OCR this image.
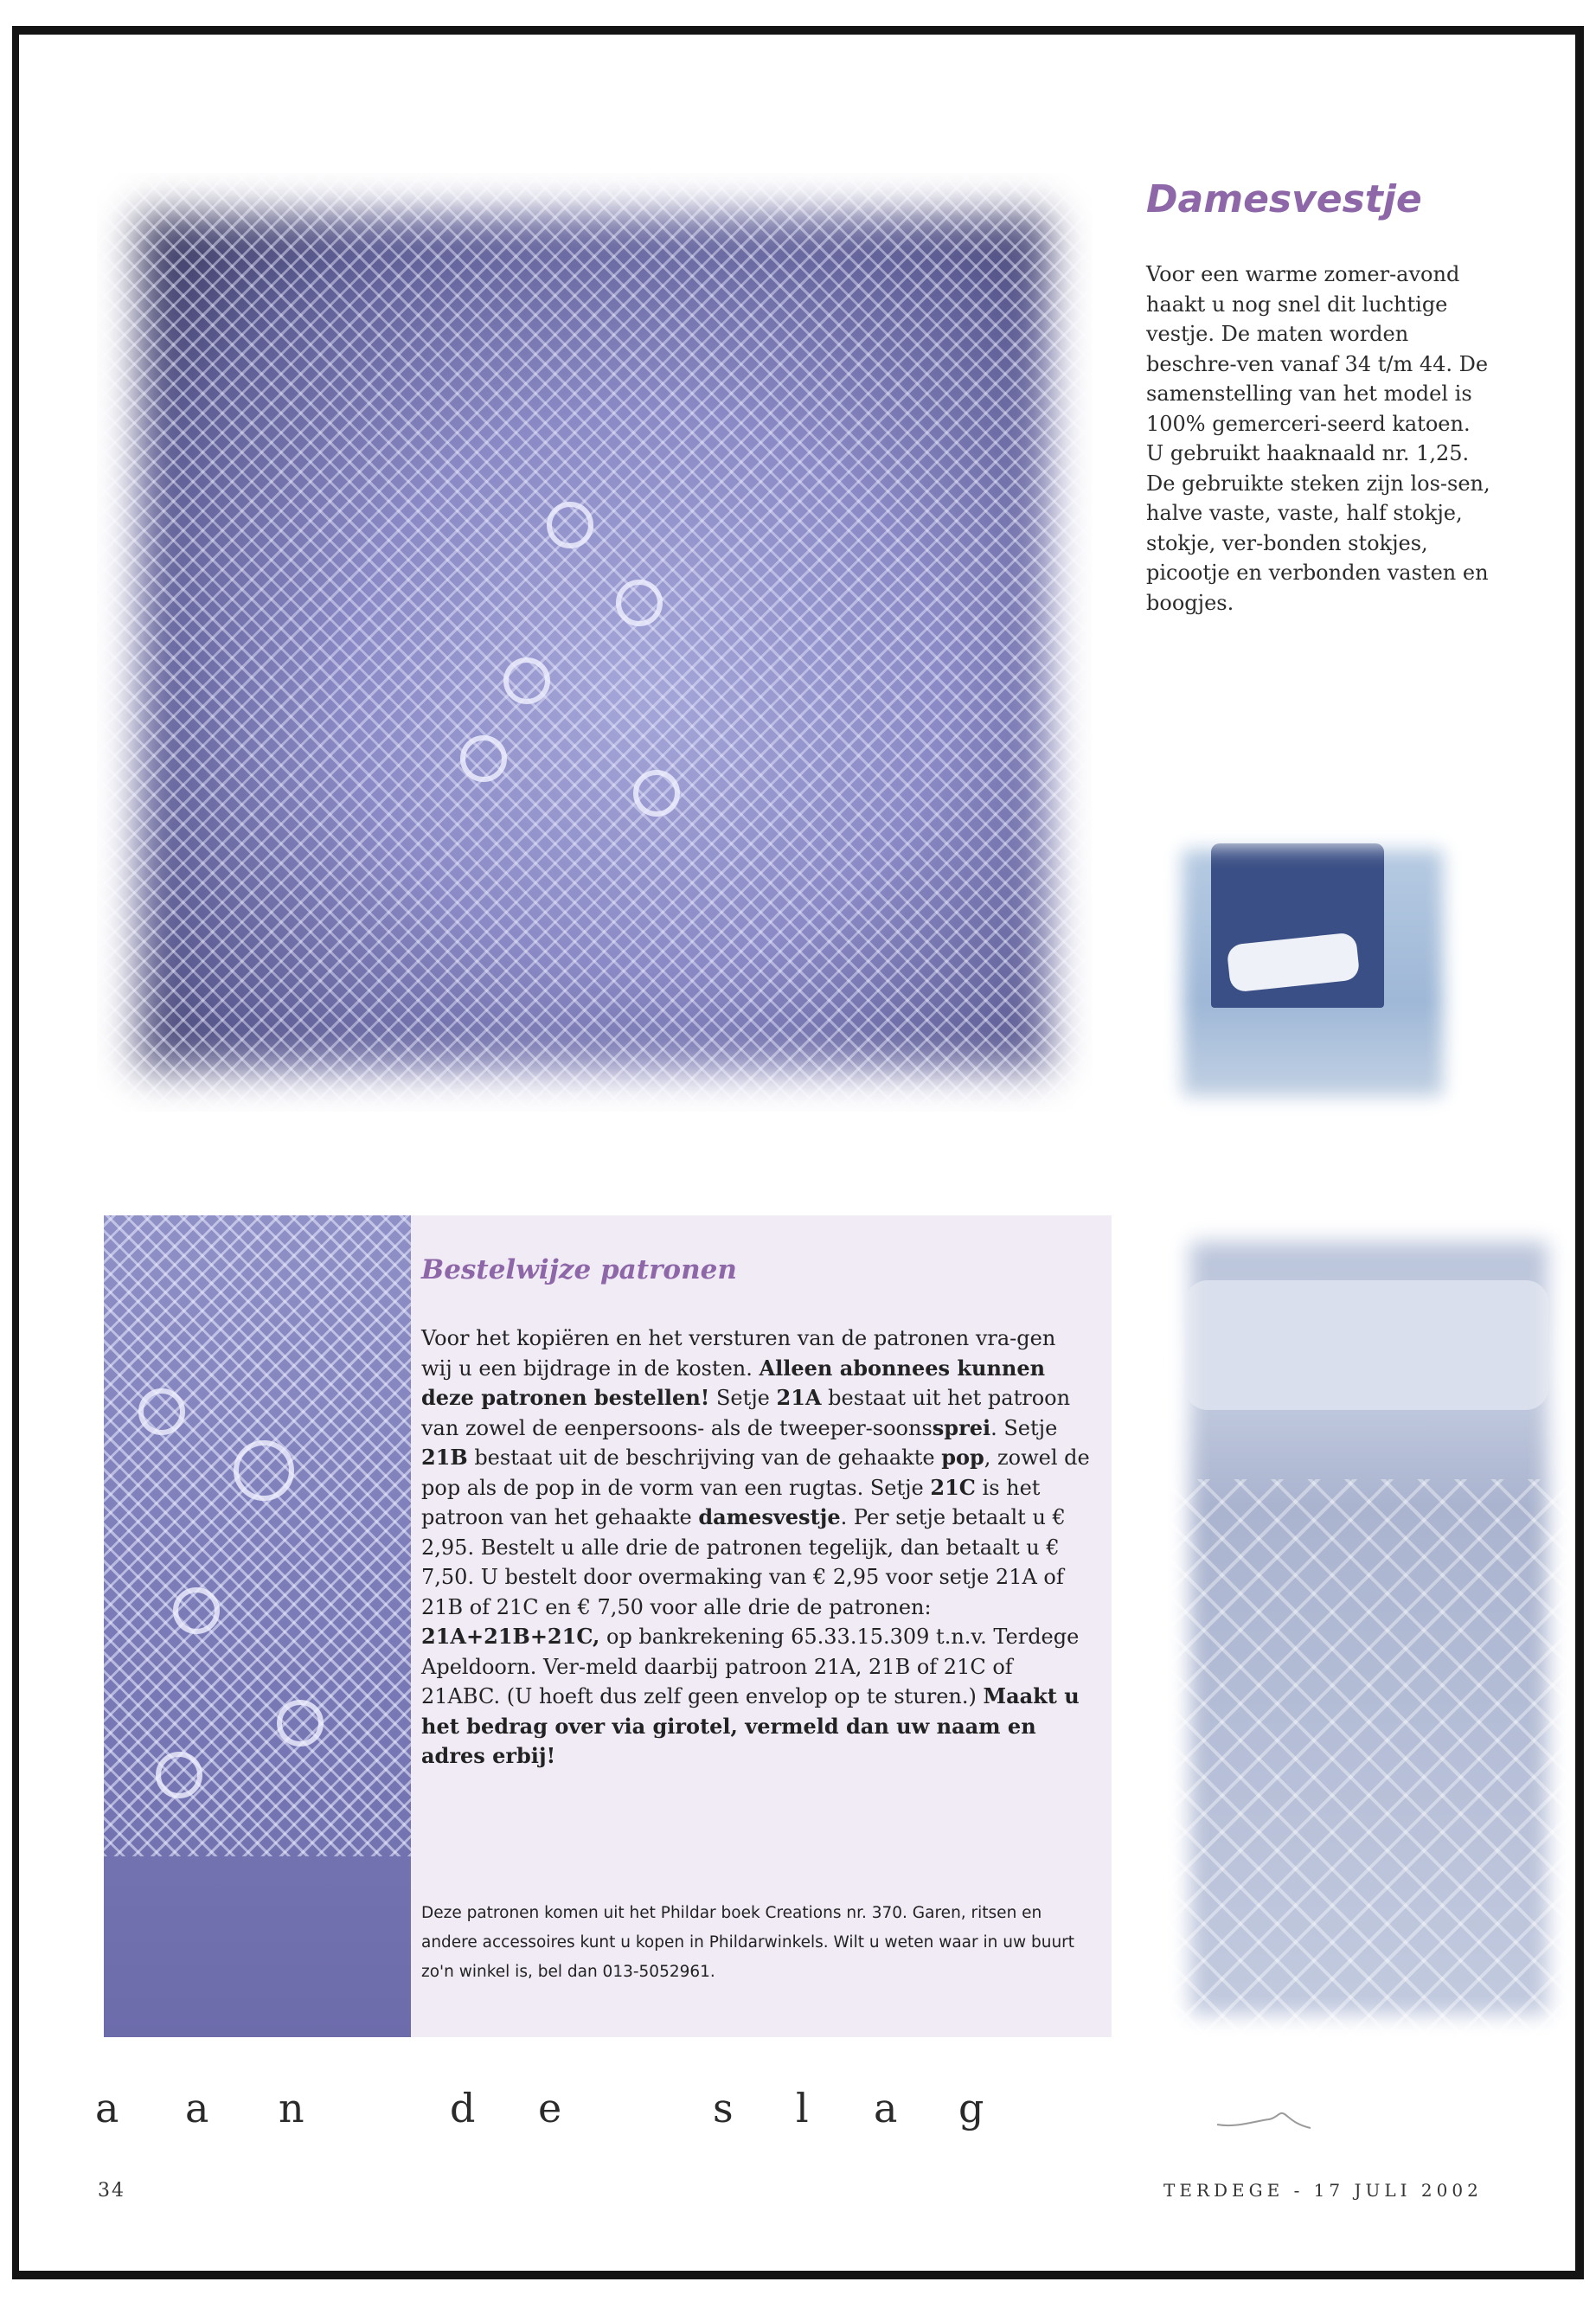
Damesvestje
Voor een warme zomer-avond haakt u nog snel dit luchtige vestje. De maten worden beschre-ven vanaf 34 t/m 44. De samenstelling van het model is 100% gemerceri-seerd katoen. U gebruikt haaknaald nr. 1,25. De gebruikte steken zijn los-sen, halve vaste, vaste, half stokje, stokje, ver-bonden stokjes, picootje en verbonden vasten en boogjes.
Bestelwijze patronen
Voor het kopiëren en het versturen van de patronen vra-gen wij u een bijdrage in de kosten. Alleen abonnees kunnen deze patronen bestellen! Setje 21A bestaat uit het patroon van zowel de eenpersoons- als de tweeper-soonssprei. Setje 21B bestaat uit de beschrijving van de gehaakte pop, zowel de pop als de pop in de vorm van een rugtas. Setje 21C is het patroon van het gehaakte damesvestje. Per setje betaalt u € 2,95. Bestelt u alle drie de patronen tegelijk, dan betaalt u € 7,50. U bestelt door overmaking van € 2,95 voor setje 21A of 21B of 21C en € 7,50 voor alle drie de patronen: 21A+21B+21C, op bankrekening 65.33.15.309 t.n.v. Terdege Apeldoorn. Ver-meld daarbij patroon 21A, 21B of 21C of 21ABC. (U hoeft dus zelf geen envelop op te sturen.) Maakt u het bedrag over via girotel, vermeld dan uw naam en adres erbij!
Deze patronen komen uit het Phildar boek Creations nr. 370. Garen, ritsen en andere accessoires kunt u kopen in Phildarwinkels. Wilt u weten waar in uw buurt zo'n winkel is, bel dan 013-5052961.
a a n	d e	s l a g
34	TERDEGE - 17 JULI 2002
